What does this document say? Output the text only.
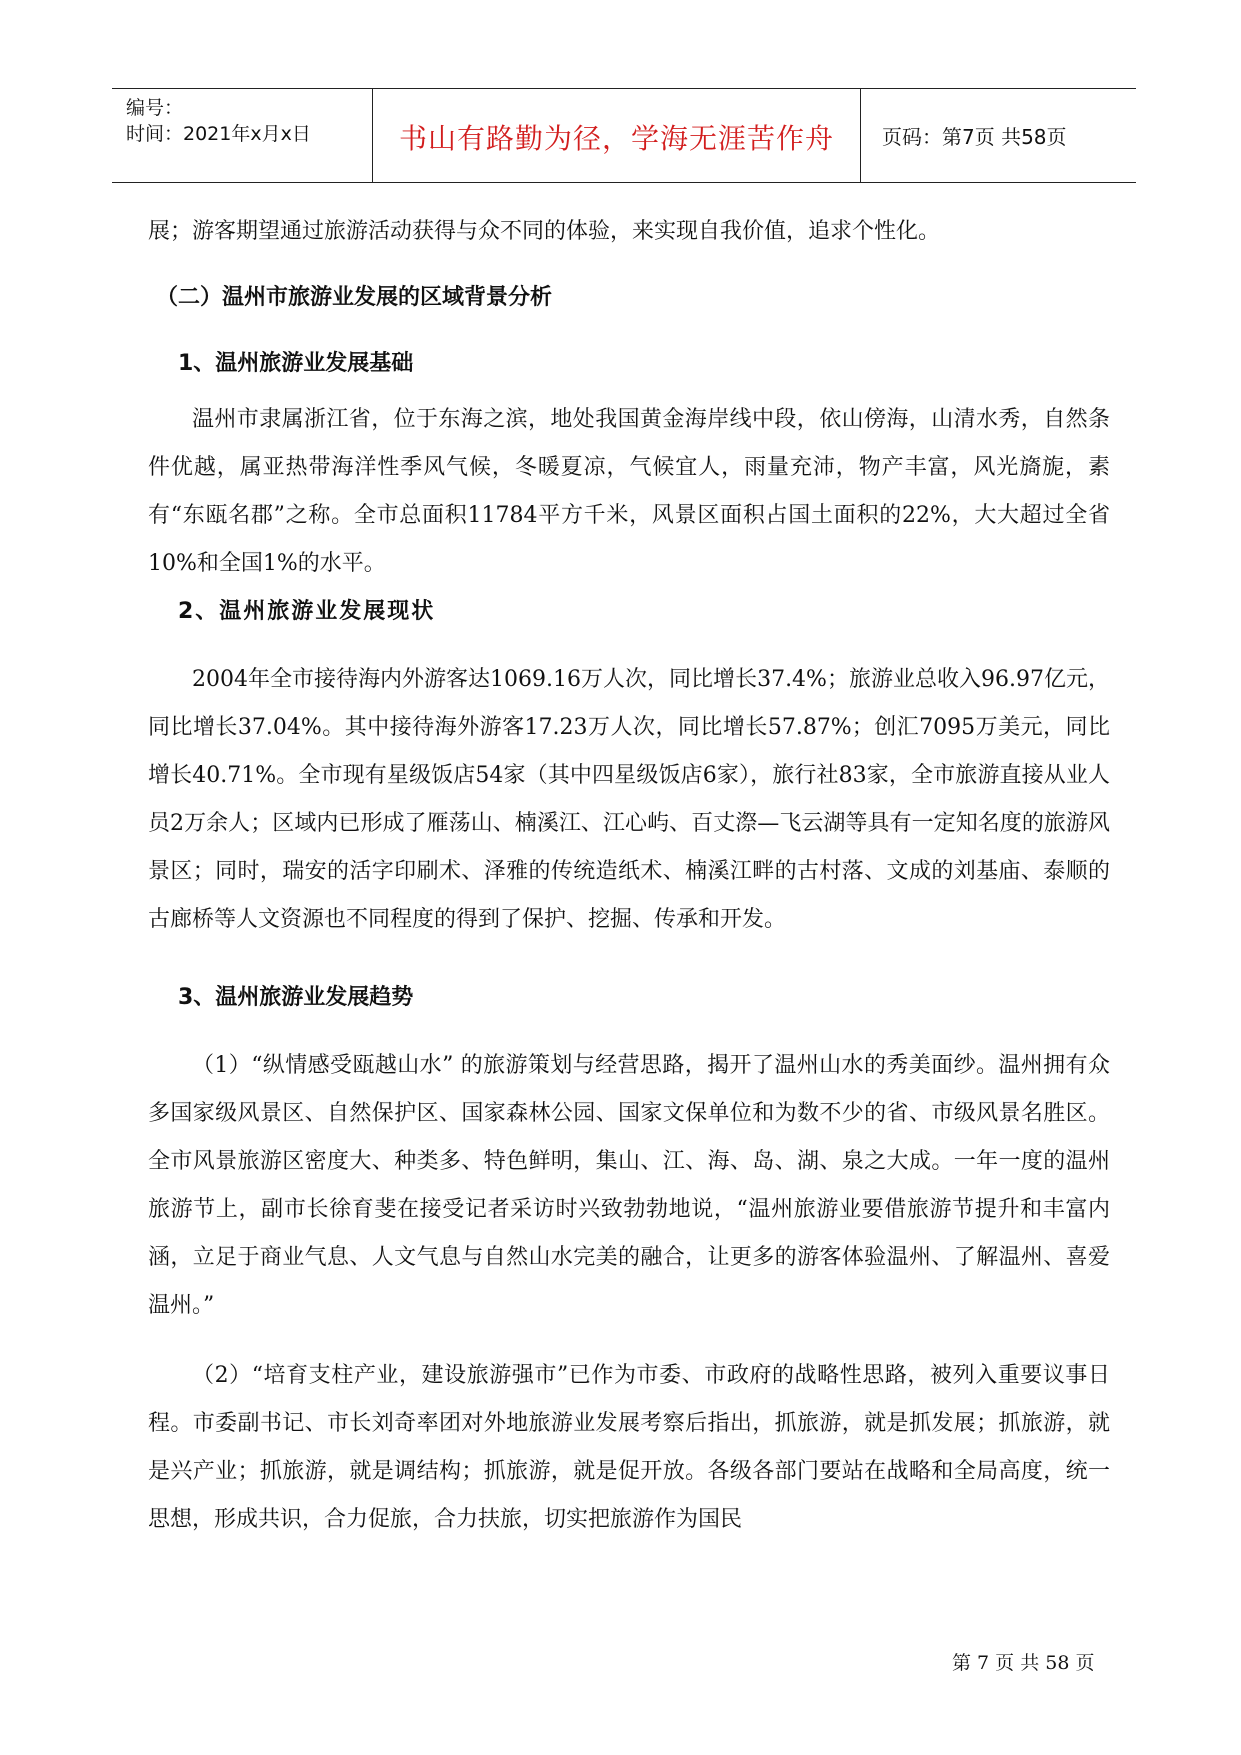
编号：
时间：2021年x月x日	书山有路勤为径，学海无涯苦作舟	页码：第7页 共58页

展；游客期望通过旅游活动获得与众不同的体验，来实现自我价值，追求个性化。

（二）温州市旅游业发展的区域背景分析
1、温州旅游业发展基础

温州市隶属浙江省，位于东海之滨，地处我国黄金海岸线中段，依山傍海，山清水秀，自然条件优越，属亚热带海洋性季风气候，冬暖夏凉，气候宜人，雨量充沛，物产丰富，风光旖旎，素有“东瓯名郡”之称。全市总面积11784平方千米，风景区面积占国土面积的22%，大大超过全省10%和全国1%的水平。

2、温州旅游业发展现状

2004年全市接待海内外游客达1069.16万人次，同比增长37.4%；旅游业总收入96.97亿元，同比增长37.04%。其中接待海外游客17.23万人次，同比增长57.87%；创汇7095万美元，同比增长40.71%。全市现有星级饭店54家（其中四星级饭店6家），旅行社83家，全市旅游直接从业人员2万余人；区域内已形成了雁荡山、楠溪江、江心屿、百丈漈—飞云湖等具有一定知名度的旅游风景区；同时，瑞安的活字印刷术、泽雅的传统造纸术、楠溪江畔的古村落、文成的刘基庙、泰顺的古廊桥等人文资源也不同程度的得到了保护、挖掘、传承和开发。

3、温州旅游业发展趋势

（1）“纵情感受瓯越山水” 的旅游策划与经营思路，揭开了温州山水的秀美面纱。温州拥有众多国家级风景区、自然保护区、国家森林公园、国家文保单位和为数不少的省、市级风景名胜区。全市风景旅游区密度大、种类多、特色鲜明，集山、江、海、岛、湖、泉之大成。一年一度的温州旅游节上，副市长徐育斐在接受记者采访时兴致勃勃地说，“温州旅游业要借旅游节提升和丰富内涵，立足于商业气息、人文气息与自然山水完美的融合，让更多的游客体验温州、了解温州、喜爱温州。”

（2）“培育支柱产业，建设旅游强市”已作为市委、市政府的战略性思路，被列入重要议事日程。市委副书记、市长刘奇率团对外地旅游业发展考察后指出，抓旅游，就是抓发展；抓旅游，就是兴产业；抓旅游，就是调结构；抓旅游，就是促开放。各级各部门要站在战略和全局高度，统一思想，形成共识，合力促旅，合力扶旅，切实把旅游作为国民

第 7 页 共 58 页
